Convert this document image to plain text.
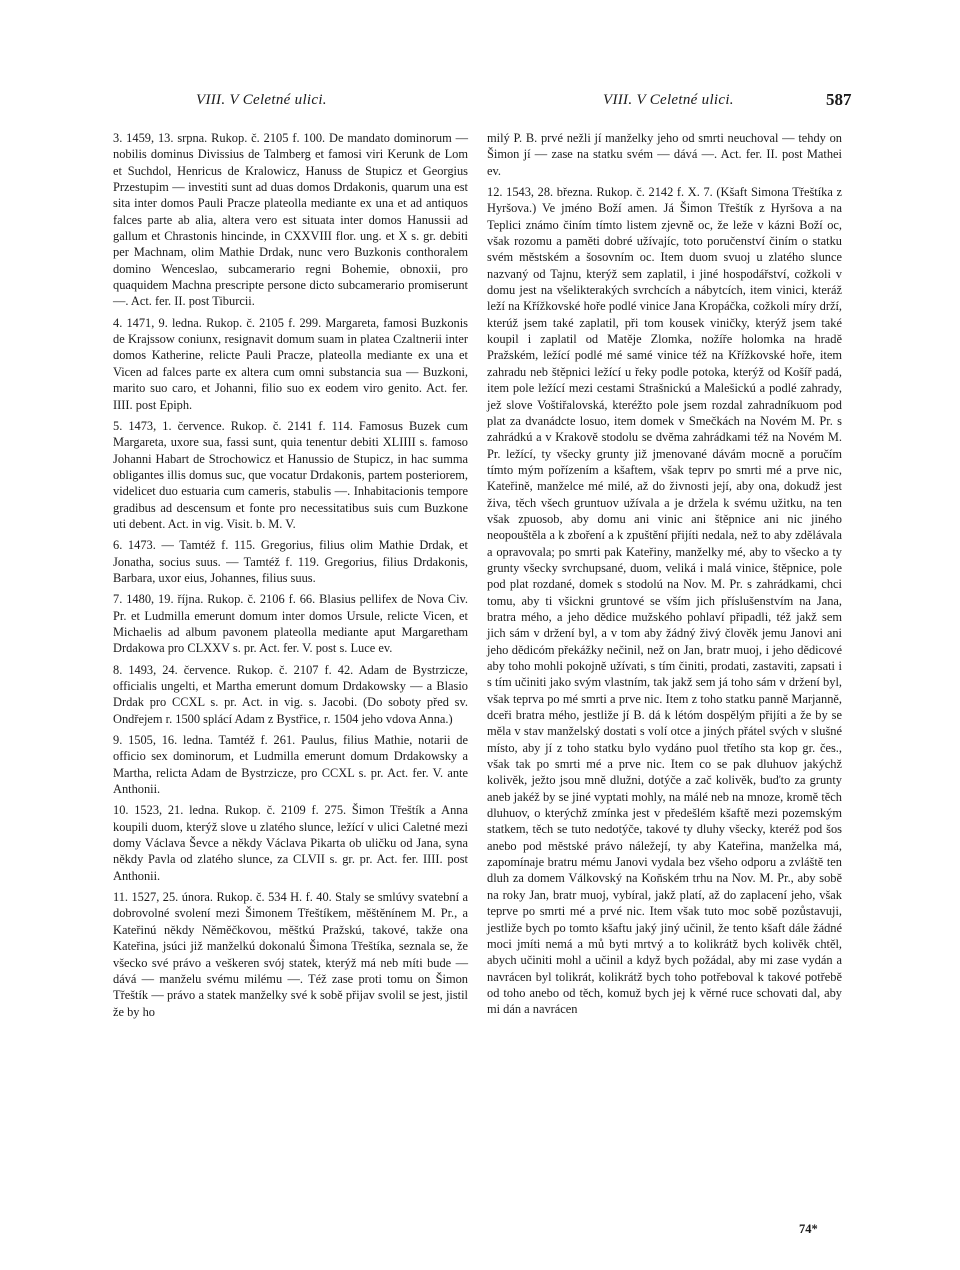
VIII. V Celetné ulici.	VIII. V Celetné ulici.	587

3. 1459, 13. srpna. Rukop. č. 2105 f. 100. De mandato dominorum — nobilis dominus Divissius de Talmberg et famosi viri Kerunk de Lom et Suchdol, Henricus de Kralowicz, Hanuss de Stupicz et Georgius Przestupim — investiti sunt ad duas domos Drdakonis, quarum una est sita inter domos Pauli Pracze plateolla mediante ex una et ad antiquos falces parte ab alia, altera vero est situata inter domos Hanussii ad gallum et Chrastonis hincinde, in CXXVIII flor. ung. et X s. gr. debiti per Machnam, olim Mathie Drdak, nunc vero Buzkonis conthoralem domino Wenceslao, subcamerario regni Bohemie, obnoxii, pro quaquidem Machna prescripte persone dicto subcamerario promiserunt —. Act. fer. II. post Tiburcii.

4. 1471, 9. ledna. Rukop. č. 2105 f. 299. Margareta, famosi Buzkonis de Krajssow coniunx, resignavit domum suam in platea Czaltnerii inter domos Katherine, relicte Pauli Pracze, plateolla mediante ex una et Vicen ad falces parte ex altera cum omni substancia sua — Buzkoni, marito suo caro, et Johanni, filio suo ex eodem viro genito. Act. fer. IIII. post Epiph.

5. 1473, 1. července. Rukop. č. 2141 f. 114. Famosus Buzek cum Margareta, uxore sua, fassi sunt, quia tenentur debiti XLIIII s. famoso Johanni Habart de Strochowicz et Hanussio de Stupicz, in hac summa obligantes illis domus suc, que vocatur Drdakonis, partem posteriorem, videlicet duo estuaria cum cameris, stabulis —. Inhabitacionis tempore gradibus ad descensum et fonte pro necessitatibus suis cum Buzkone uti debent. Act. in vig. Visit. b. M. V.

6. 1473. — Tamtéž f. 115. Gregorius, filius olim Mathie Drdak, et Jonatha, socius suus. — Tamtéž f. 119. Gregorius, filius Drdakonis, Barbara, uxor eius, Johannes, filius suus.

7. 1480, 19. října. Rukop. č. 2106 f. 66. Blasius pellifex de Nova Civ. Pr. et Ludmilla emerunt domum inter domos Ursule, relicte Vicen, et Michaelis ad album pavonem plateolla mediante aput Margaretham Drdakowa pro CLXXV s. pr. Act. fer. V. post s. Luce ev.

8. 1493, 24. července. Rukop. č. 2107 f. 42. Adam de Bystrzicze, officialis ungelti, et Martha emerunt domum Drdakowsky — a Blasio Drdak pro CCXL s. pr. Act. in vig. s. Jacobi. (Do soboty před sv. Ondřejem r. 1500 splácí Adam z Bystřice, r. 1504 jeho vdova Anna.)

9. 1505, 16. ledna. Tamtéž f. 261. Paulus, filius Mathie, notarii de officio sex dominorum, et Ludmilla emerunt domum Drdakowsky a Martha, relicta Adam de Bystrzicze, pro CCXL s. pr. Act. fer. V. ante Anthonii.

10. 1523, 21. ledna. Rukop. č. 2109 f. 275. Šimon Třeštík a Anna koupili duom, kterýž slove u zlatého slunce, ležící v ulici Caletné mezi domy Václava Ševce a někdy Václava Pikarta ob uličku od Jana, syna někdy Pavla od zlatého slunce, za CLVII s. gr. pr. Act. fer. IIII. post Anthonii.

11. 1527, 25. února. Rukop. č. 534 H. f. 40. Staly se smlúvy svatební a dobrovolné svolení mezi Šimonem Třeštíkem, měštěnínem M. Pr., a Kateřinú někdy Něměčkovou, měštkú Pražskú, takové, takže ona Kateřina, jsúci již manželkú dokonalú Šimona Třeštíka, seznala se, že všecko své právo a veškeren svój statek, kterýž má neb míti bude — dává — manželu svému milému —. Též zase proti tomu on Šimon Třeštík — právo a statek manželky své k sobě přijav svolil se jest, jistil že by ho

milý P. B. prvé nežli jí manželky jeho od smrti neuchoval — tehdy on Šimon jí — zase na statku svém — dává —. Act. fer. II. post Mathei ev.

12. 1543, 28. března. Rukop. č. 2142 f. X. 7. (Kšaft Simona Třeštíka z Hyršova.) Ve jméno Boží amen. Já Šimon Třeštík z Hyršova a na Teplici známo činím tímto listem zjevně oc, že leže v kázni Boží oc, však rozomu a paměti dobré užívajíc, toto poručenství činím o statku svém městském a šosovním oc. Item duom svuoj u zlatého slunce nazvaný od Tajnu, kterýž sem zaplatil, i jiné hospodářství, cožkoli v domu jest na všelikterakých svrchcích a nábytcích, item vinici, kteráž leží na Křížkovské hoře podlé vinice Jana Kropáčka, cožkoli míry drží, kterúž jsem také zaplatil, při tom kousek viničky, kterýž jsem také koupil i zaplatil od Matěje Zlomka, nožíře holomka na hradě Pražském, ležící podlé mé samé vinice též na Křížkovské hoře, item zahradu neb štěpnici ležící u řeky podle potoka, kterýž od Košíř padá, item pole ležící mezi cestami Strašnickú a Malešickú a podlé zahrady, jež slove Voštiřalovská, kteréžto pole jsem rozdal zahradníkuom pod plat za dvanádcte losuo, item domek v Smečkách na Novém M. Pr. s zahrádkú a v Krakově stodolu se dvěma zahrádkami též na Novém M. Pr. ležící, ty všecky grunty již jmenované dávám mocně a poručím tímto mým pořízením a kšaftem, však teprv po smrti mé a prve nic, Kateřině, manželce mé milé, až do živnosti její, aby ona, dokudž jest živa, těch všech gruntuov užívala a je držela k svému užitku, na ten však zpuosob, aby domu ani vinic ani štěpnice ani nic jiného neopouštěla a k zboření a k zpuštění přijíti nedala, než to aby zdělávala a opravovala; po smrti pak Kateřiny, manželky mé, aby to všecko a ty grunty všecky svrchupsané, duom, veliká i malá vinice, štěpnice, pole pod plat rozdané, domek s stodolú na Nov. M. Pr. s zahrádkami, chci tomu, aby ti všickni gruntové se vším jich příslušenstvím na Jana, bratra mého, a jeho dědice mužského pohlaví připadli, též jakž sem jich sám v držení byl, a v tom aby žádný živý člověk jemu Janovi ani jeho dědicóm překážky nečinil, než on Jan, bratr muoj, i jeho dědicové aby toho mohli pokojně užívati, s tím činiti, prodati, zastaviti, zapsati i s tím učiniti jako svým vlastním, tak jakž sem já toho sám v držení byl, však teprva po mé smrti a prve nic. Item z toho statku panně Marjanně, dceři bratra mého, jestliže jí B. dá k létóm dospělým přijíti a že by se měla v stav manželský dostati s volí otce a jiných přátel svých v slušné místo, aby jí z toho statku bylo vydáno puol třetího sta kop gr. čes., však tak po smrti mé a prve nic. Item co se pak dluhuov jakýchž kolivěk, ježto jsou mně dlužni, dotýče a zač kolivěk, buďto za grunty aneb jakéž by se jiné vyptati mohly, na málé neb na mnoze, kromě těch dluhuov, o kterýchž zmínka jest v předešlém kšaftě mezi pozemským statkem, těch se tuto nedotýče, takové ty dluhy všecky, kteréž pod šos anebo pod městské právo náležejí, ty aby Kateřina, manželka má, zapomínaje bratru mému Janovi vydala bez všeho odporu a zvláště ten dluh za domem Válkovský na Koňském trhu na Nov. M. Pr., aby sobě na roky Jan, bratr muoj, vybíral, jakž platí, až do zaplacení jeho, však teprve po smrti mé a prvé nic. Item však tuto moc sobě pozůstavuji, jestliže bych po tomto kšaftu jaký jiný učinil, že tento kšaft dále žádné moci jmíti nemá a mů byti mrtvý a to kolikrátž bych kolivěk chtěl, abych učiniti mohl a učinil a když bych požádal, aby mi zase vydán a navrácen byl tolikrát, kolikrátž bych toho potřeboval k takové potřebě od toho anebo od těch, komuž bych jej k věrné ruce schovati dal, aby mi dán a navrácen

74*
